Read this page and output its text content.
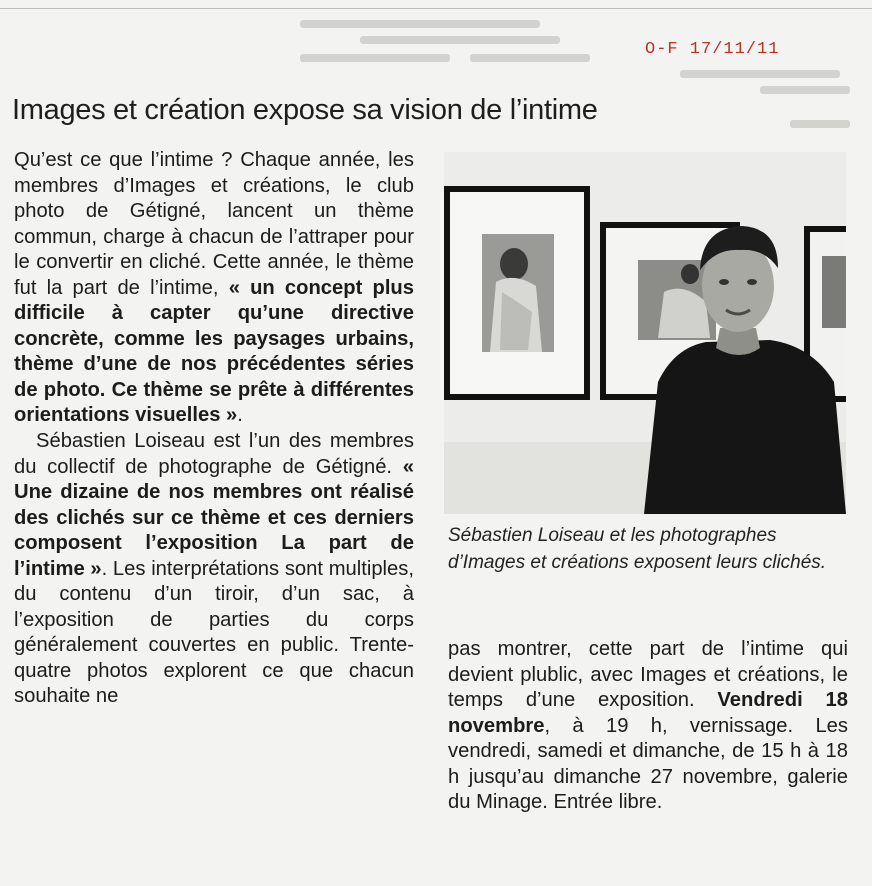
O-F 17/11/11
Images et création expose sa vision de l’intime

Qu’est ce que l’intime ? Chaque année, les membres d’Images et créations, le club photo de Gétigné, lancent un thème commun, charge à chacun de l’attraper pour le convertir en cliché. Cette année, le thème fut la part de l’intime, « un concept plus difficile à capter qu’une directive concrète, comme les paysages urbains, thème d’une de nos précédentes séries de photo. Ce thème se prête à différentes orientations visuelles ».

Sébastien Loiseau est l’un des membres du collectif de photographe de Gétigné. « Une dizaine de nos membres ont réalisé des clichés sur ce thème et ces derniers composent l’exposition La part de l’intime ». Les interprétations sont multiples, du contenu d’un tiroir, d’un sac, à l’exposition de parties du corps généralement couvertes en public. Trente-quatre photos explorent ce que chacun souhaite ne

Sébastien Loiseau et les photographes d’Images et créations exposent leurs clichés.

pas montrer, cette part de l’intime qui devient plublic, avec Images et créations, le temps d’une exposition. Vendredi 18 novembre, à 19 h, vernissage. Les vendredi, samedi et dimanche, de 15 h à 18 h jusqu’au dimanche 27 novembre, galerie du Minage. Entrée libre.
